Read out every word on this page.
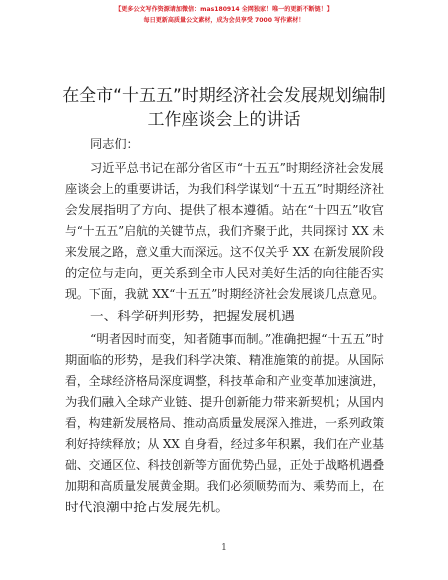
【更多公文写作资源请加微信：mas180914 全网独家！唯一的更新不断链！】
每日更新高质量公文素材，成为会员享受 7000 写作素材！
在全市“十五五”时期经济社会发展规划编制
工作座谈会上的讲话
同志们：
习近平总书记在部分省区市“十五五”时期经济社会发展
座谈会上的重要讲话，为我们科学谋划“十五五”时期经济社
会发展指明了方向、提供了根本遵循。站在“十四五”收官
与“十五五”启航的关键节点，我们齐聚于此，共同探讨 XX 未
来发展之路，意义重大而深远。这不仅关乎 XX 在新发展阶段
的定位与走向，更关系到全市人民对美好生活的向往能否实
现。下面，我就 XX“十五五”时期经济社会发展谈几点意见。
一、科学研判形势，把握发展机遇
“明者因时而变，知者随事而制。”准确把握“十五五”时
期面临的形势，是我们科学决策、精准施策的前提。从国际
看，全球经济格局深度调整，科技革命和产业变革加速演进，
为我们融入全球产业链、提升创新能力带来新契机；从国内
看，构建新发展格局、推动高质量发展深入推进，一系列政策
利好持续释放；从 XX 自身看，经过多年积累，我们在产业基
础、交通区位、科技创新等方面优势凸显，正处于战略机遇叠
加期和高质量发展黄金期。我们必须顺势而为、乘势而上，在
时代浪潮中抢占发展先机。
1
